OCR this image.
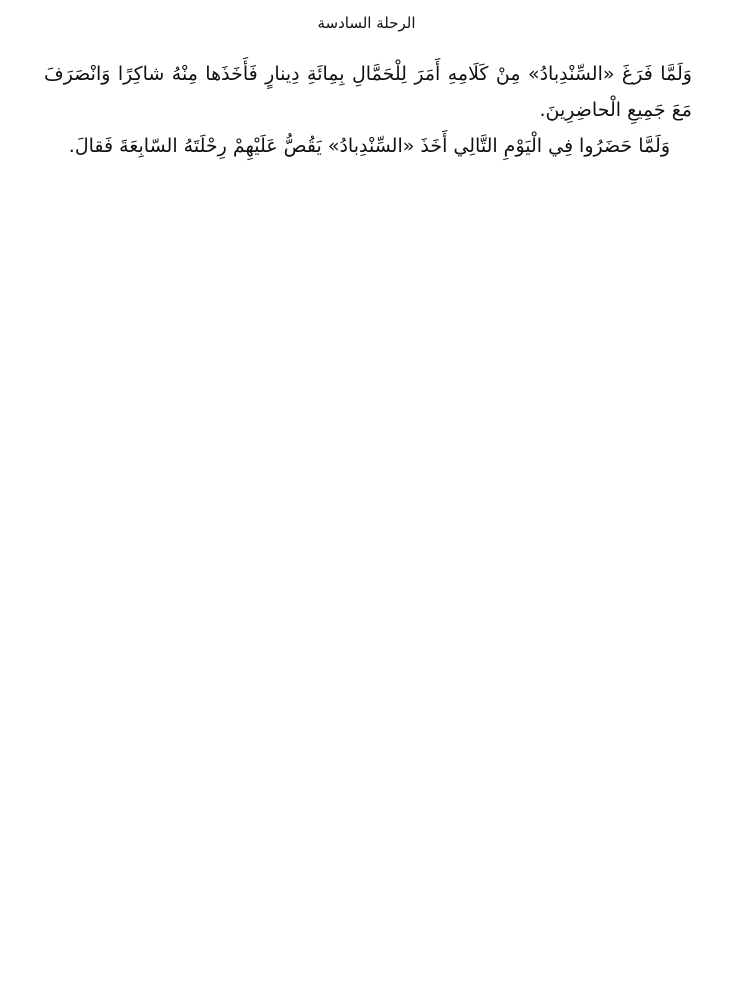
الرحلة السادسة

وَلَمَّا فَرَغَ «السِّنْدِبادُ» مِنْ كَلَامِهِ أَمَرَ لِلْحَمَّالِ بِمِائَةِ دِينارٍ فَأَخَذَها مِنْهُ شاكِرًا وَانْصَرَفَ مَعَ جَمِيعِ الْحاضِرِينَ.

وَلَمَّا حَضَرُوا فِي الْيَوْمِ التَّالِي أَخَذَ «السِّنْدِبادُ» يَقُصُّ عَلَيْهِمْ رِحْلَتَهُ السّابِعَةَ فَقالَ.
